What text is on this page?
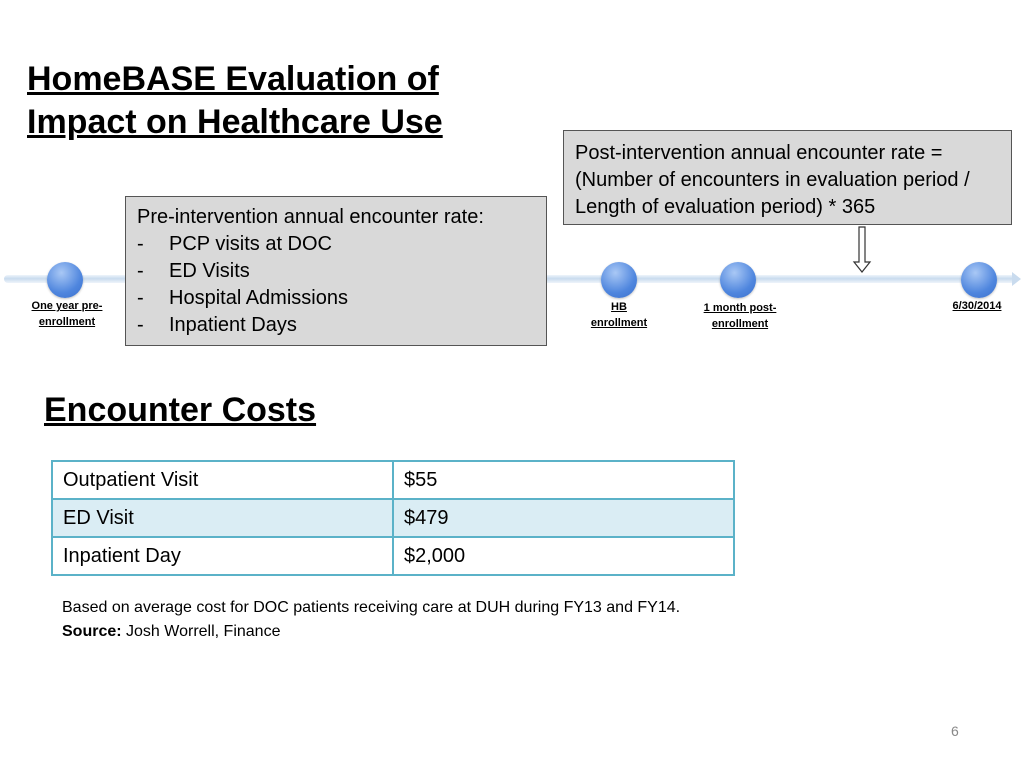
HomeBASE Evaluation of
Impact on Healthcare Use
One year pre-
enrollment
HB
enrollment
1 month post-
enrollment
6/30/2014
Pre-intervention annual encounter rate:
-	PCP visits at DOC
-	ED Visits
-	Hospital Admissions
-	Inpatient Days
Post-intervention annual encounter rate = (Number of encounters in evaluation period / Length of evaluation period) * 365
Encounter Costs
Outpatient Visit	$55
ED Visit	$479
Inpatient Day	$2,000
Based on average cost for DOC patients receiving care at DUH during FY13 and FY14.
Source: Josh Worrell, Finance
6
